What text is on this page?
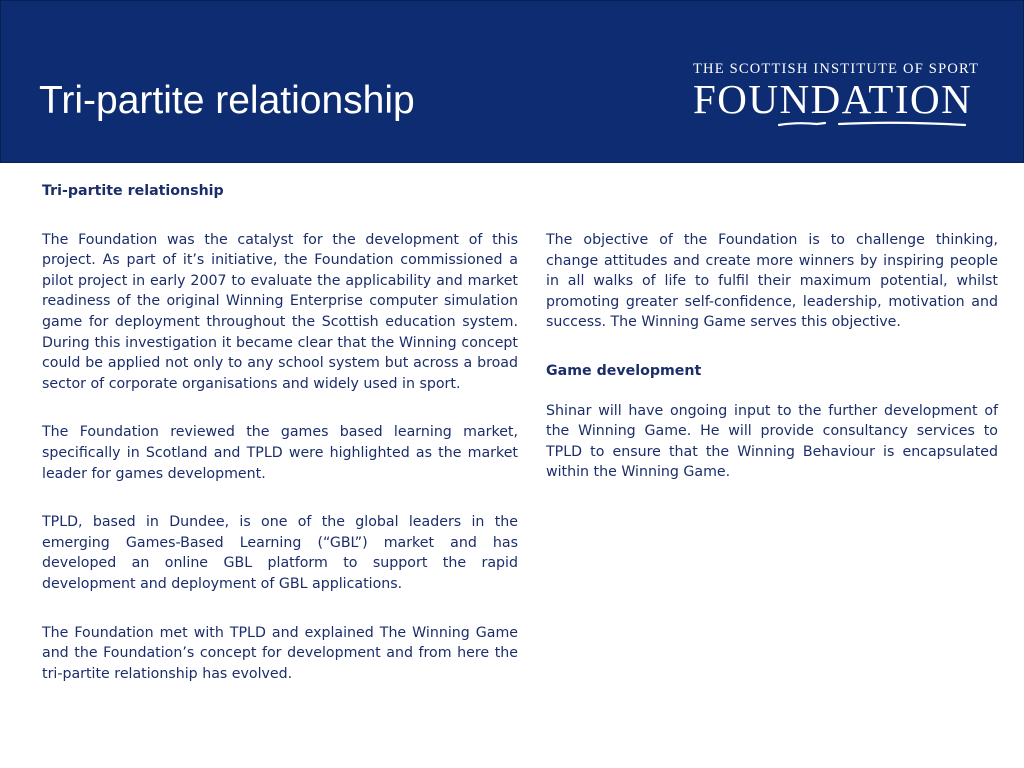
Tri-partite relationship
THE SCOTTISH INSTITUTE OF SPORT
FOUNDATION
Tri-partite relationship

The Foundation was the catalyst for the development of this project. As part of it’s initiative, the Foundation commissioned a pilot project in early 2007 to evaluate the applicability and market readiness of the original Winning Enterprise computer simulation game for deployment throughout the Scottish education system. During this investigation it became clear that the Winning concept could be applied not only to any school system but across a broad sector of corporate organisations and widely used in sport.

The Foundation reviewed the games based learning market, specifically in Scotland and TPLD were highlighted as the market leader for games development.

TPLD, based in Dundee, is one of the global leaders in the emerging Games-Based Learning (“GBL”) market and has developed an online GBL platform to support the rapid development and deployment of GBL applications.

The Foundation met with TPLD and explained The Winning Game and the Foundation’s concept for development and from here the tri-partite relationship has evolved.

The objective of the Foundation is to challenge thinking, change attitudes and create more winners by inspiring people in all walks of life to fulfil their maximum potential, whilst promoting greater self-confidence, leadership, motivation and success. The Winning Game serves this objective.

Game development

Shinar will have ongoing input to the further development of the Winning Game. He will provide consultancy services to TPLD to ensure that the Winning Behaviour is encapsulated within the Winning Game.
